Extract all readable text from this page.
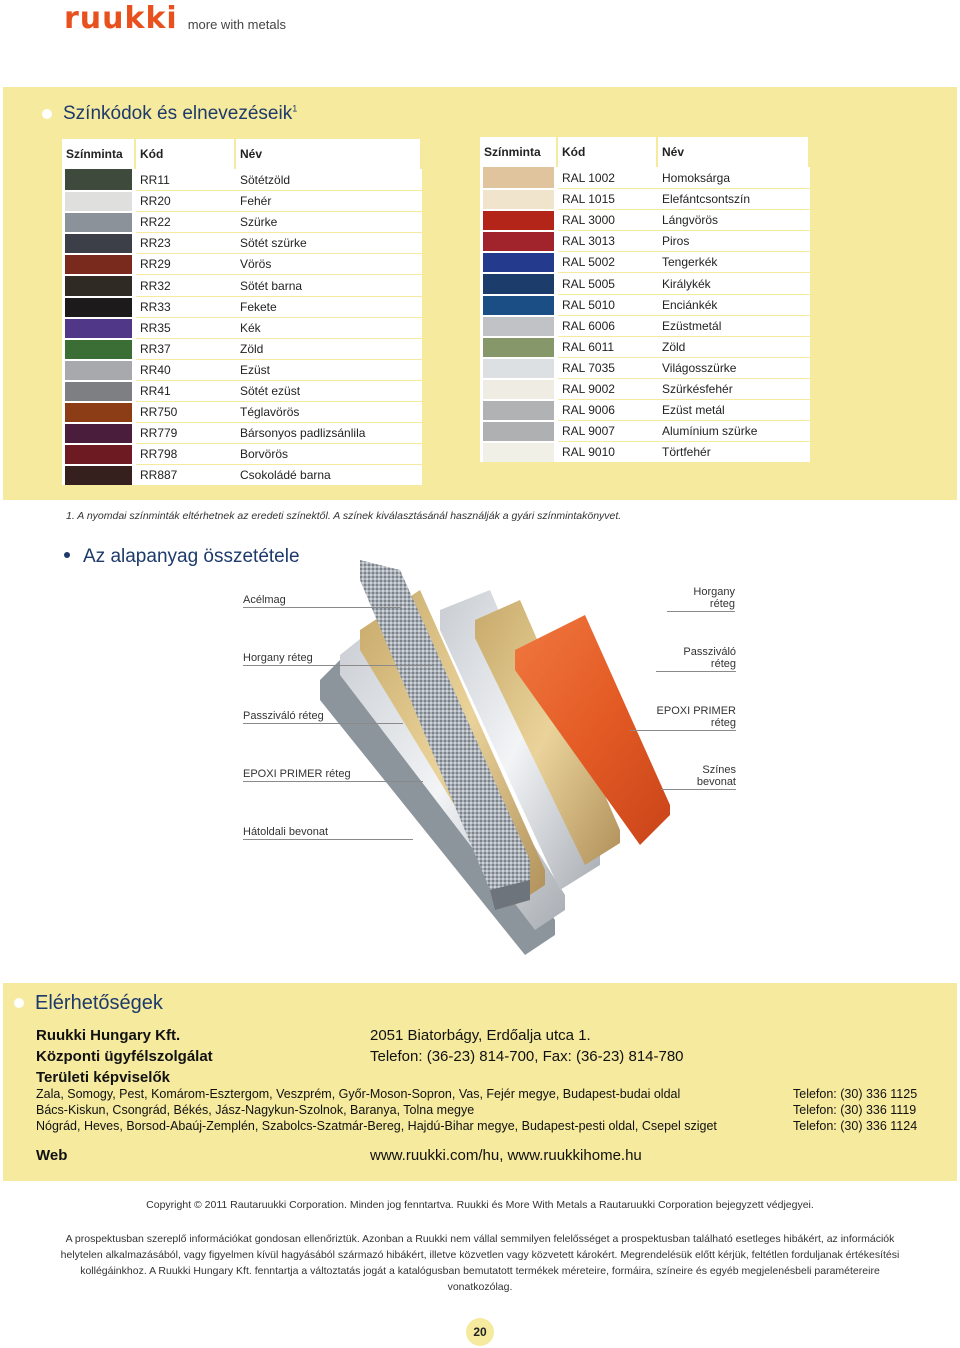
ruukki more with metals
Színkódok és elnevezéseik$^1$
Színminta	Kód	Név
	RR11	Sötétzöld
	RR20	Fehér
	RR22	Szürke
	RR23	Sötét szürke
	RR29	Vörös
	RR32	Sötét barna
	RR33	Fekete
	RR35	Kék
	RR37	Zöld
	RR40	Ezüst
	RR41	Sötét ezüst
	RR750	Téglavörös
	RR779	Bársonyos padlizsánlila
	RR798	Borvörös
	RR887	Csokoládé barna
Színminta	Kód	Név
	RAL 1002	Homoksárga
	RAL 1015	Elefántcsontszín
	RAL 3000	Lángvörös
	RAL 3013	Piros
	RAL 5002	Tengerkék
	RAL 5005	Királykék
	RAL 5010	Enciánkék
	RAL 6006	Ezüstmetál
	RAL 6011	Zöld
	RAL 7035	Világosszürke
	RAL 9002	Szürkésfehér
	RAL 9006	Ezüst metál
	RAL 9007	Alumínium szürke
	RAL 9010	Törtfehér
1. A nyomdai színminták eltérhetnek az eredeti színektől. A színek kiválasztásánál használják a gyári színmintakönyvet.
Az alapanyag összetétele
Acélmag
Horgany réteg
Passziváló réteg
EPOXI PRIMER réteg
Hátoldali bevonat
Horgany réteg
Passziváló réteg
EPOXI PRIMER réteg
Színes bevonat
Elérhetőségek
Ruukki Hungary Kft.	2051 Biatorbágy, Erdőalja utca 1.
Központi ügyfélszolgálat	Telefon: (36-23) 814-700, Fax: (36-23) 814-780
Területi képviselők
Zala, Somogy, Pest, Komárom-Esztergom, Veszprém, Győr-Moson-Sopron, Vas, Fejér megye, Budapest-budai oldal	Telefon: (30) 336 1125
Bács-Kiskun, Csongrád, Békés, Jász-Nagykun-Szolnok, Baranya, Tolna megye	Telefon: (30) 336 1119
Nógrád, Heves, Borsod-Abaúj-Zemplén, Szabolcs-Szatmár-Bereg, Hajdú-Bihar megye, Budapest-pesti oldal, Csepel sziget	Telefon: (30) 336 1124
Web	www.ruukki.com/hu, www.ruukkihome.hu
Copyright © 2011 Rautaruukki Corporation. Minden jog fenntartva. Ruukki és More With Metals a Rautaruukki Corporation bejegyzett védjegyei.
A prospektusban szereplő információkat gondosan ellenőriztük. Azonban a Ruukki nem vállal semmilyen felelősséget a prospektusban található esetleges hibákért, az információk helytelen alkalmazásából, vagy figyelmen kívül hagyásából származó hibákért, illetve közvetlen vagy közvetett károkért. Megrendelésük előtt kérjük, feltétlen forduljanak értékesítési kollégáinkhoz. A Ruukki Hungary Kft. fenntartja a változtatás jogát a katalógusban bemutatott termékek méreteire, formáira, színeire és egyéb megjelenésbeli paramétereire vonatkozólag.
20
